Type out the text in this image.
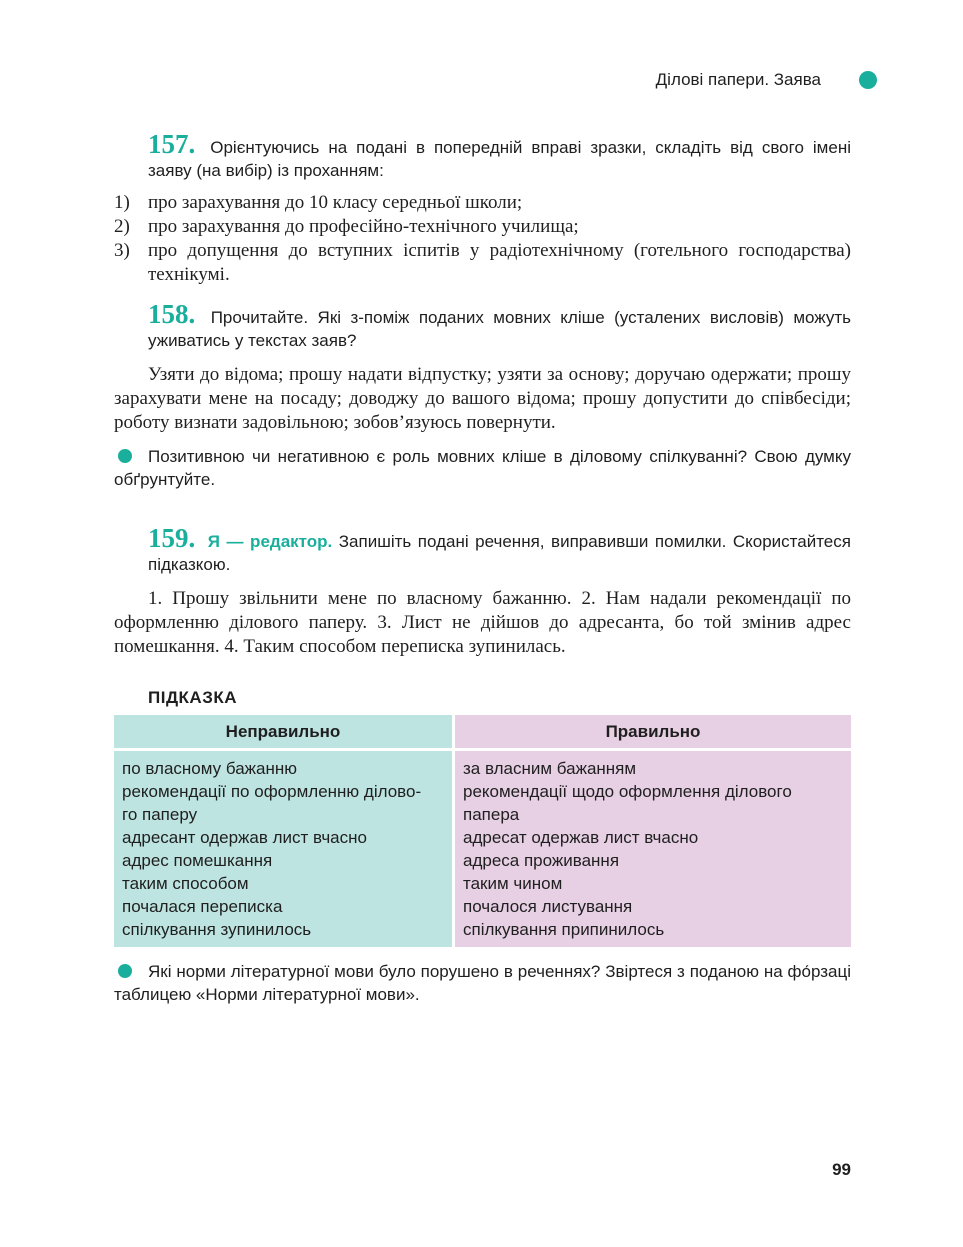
Ділові папери. Заява
157. Орієнтуючись на подані в попередній вправі зразки, складіть від свого імені заяву (на вибір) із проханням:
1) про зарахування до 10 класу середньої школи;
2) про зарахування до професійно-технічного училища;
3) про допущення до вступних іспитів у радіотехнічному (готельного господарства) технікумі.
158. Прочитайте. Які з-поміж поданих мовних кліше (усталених висловів) можуть уживатись у текстах заяв?

Узяти до відома; прошу надати відпустку; узяти за основу; доручаю одержати; прошу зарахувати мене на посаду; доводжу до вашого відома; прошу допустити до співбесіди; роботу визнати задовільною; зобов’язуюсь повернути.

Позитивною чи негативною є роль мовних кліше в діловому спілкуванні? Свою думку обґрунтуйте.

159. Я — редактор. Запишіть подані речення, виправивши помилки. Скористайтеся підказкою.

1. Прошу звільнити мене по власному бажанню. 2. Нам надали рекомендації по оформленню ділового паперу. 3. Лист не дійшов до адресанта, бо той змінив адрес помешкання. 4. Таким способом переписка зупинилась.

ПІДКАЗКА
Неправильно	Правильно
по власному бажанню
рекомендації по оформленню ділово-
го паперу
адресант одержав лист вчасно
адрес помешкання
таким способом
почалася переписка
спілкування зупинилось
за власним бажанням
рекомендації щодо оформлення ділового
папера
адресат одержав лист вчасно
адреса проживання
таким чином
почалося листування
спілкування припинилось

Які норми літературної мови було порушено в реченнях? Звіртеся з поданою на фо́рзаці таблицею «Норми літературної мови».

99
